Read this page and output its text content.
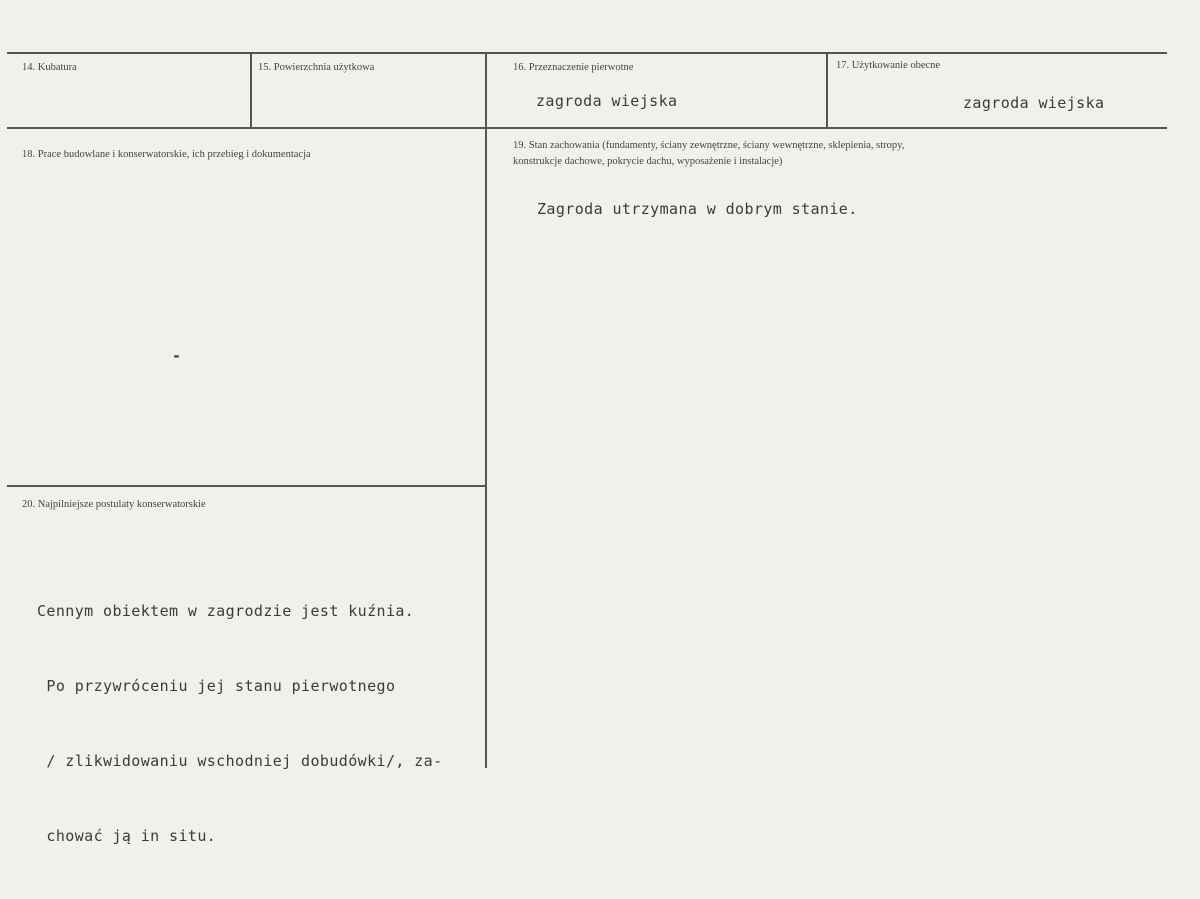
14. Kubatura	15. Powierzchnia użytkowa	16. Przeznaczenie pierwotne
zagroda wiejska
17. Użytkowanie obecne
zagroda wiejska
18. Prace budowlane i konserwatorskie, ich przebieg i dokumentacja
-
19. Stan zachowania (fundamenty, ściany zewnętrzne, ściany wewnętrzne, sklepienia, stropy,
konstrukcje dachowe, pokrycie dachu, wyposażenie i instalacje)
Zagroda utrzymana w dobrym stanie.
20. Najpilniejsze postulaty konserwatorskie

Cennym obiektem w zagrodzie jest kuźnia.

Po przywróceniu jej stanu pierwotnego

/ zlikwidowaniu wschodniej dobudówki/, za-

chować ją in situ.
